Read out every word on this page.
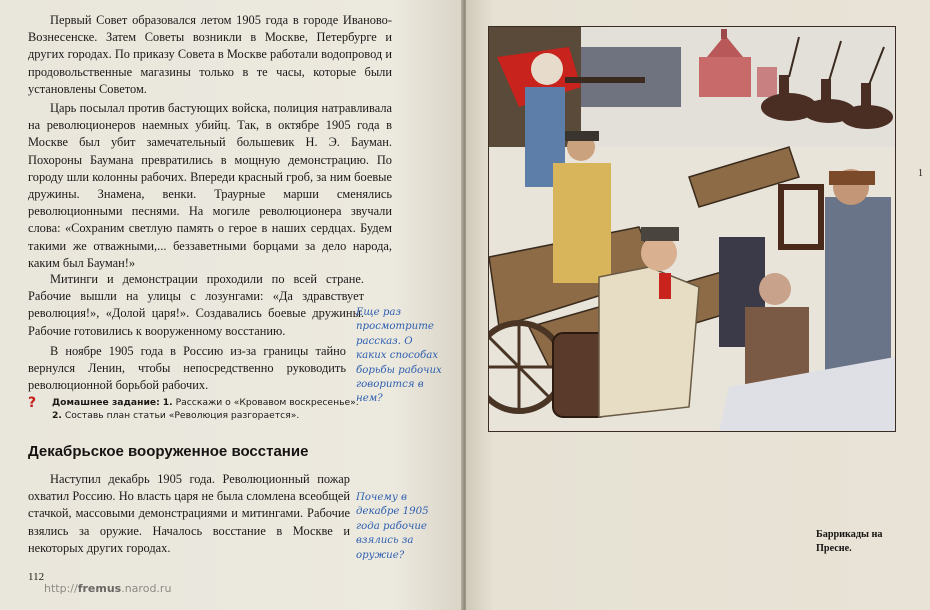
Первый Совет образовался летом 1905 года в городе Иваново-Вознесенске. Затем Советы возникли в Москве, Петербурге и других городах. По приказу Совета в Москве работали водопровод и продовольственные магазины только в те часы, которые были установлены Советом.

Царь посылал против бастующих войска, полиция натравливала на революционеров наемных убийц. Так, в октябре 1905 года в Москве был убит замечательный большевик Н. Э. Бауман. Похороны Баумана превратились в мощную демонстрацию. По городу шли колонны рабочих. Впереди красный гроб, за ним боевые дружины. Знамена, венки. Траурные марши сменялись революционными песнями. На могиле революционера звучали слова: «Сохраним светлую память о герое в наших сердцах. Будем такими же отважными,... беззаветными борцами за дело народа, каким был Бауман!»

Митинги и демонстрации проходили по всей стране. Рабочие вышли на улицы с лозунгами: «Да здравствует революция!», «Долой царя!». Создавались боевые дружины. Рабочие готовились к вооруженному восстанию.

В ноябре 1905 года в Россию из-за границы тайно вернулся Ленин, чтобы непосредственно руководить революционной борьбой рабочих.

Еще раз просмотрите рассказ. О каких способах борьбы рабочих говорится в нем?

? Домашнее задание: 1. Расскажи о «Кровавом воскресенье».
2. Составь план статьи «Революция разгорается».
Декабрьское вооруженное восстание

Наступил декабрь 1905 года. Революционный пожар охватил Россию. Но власть царя не была сломлена всеобщей стачкой, массовыми демонстрациями и митингами. Рабочие взялись за оружие. Началось восстание в Москве и некоторых других городах.

Почему в декабре 1905 года рабочие взялись за оружие?

112
http://fremus.narod.ru
1

Баррикады на Пресне.
